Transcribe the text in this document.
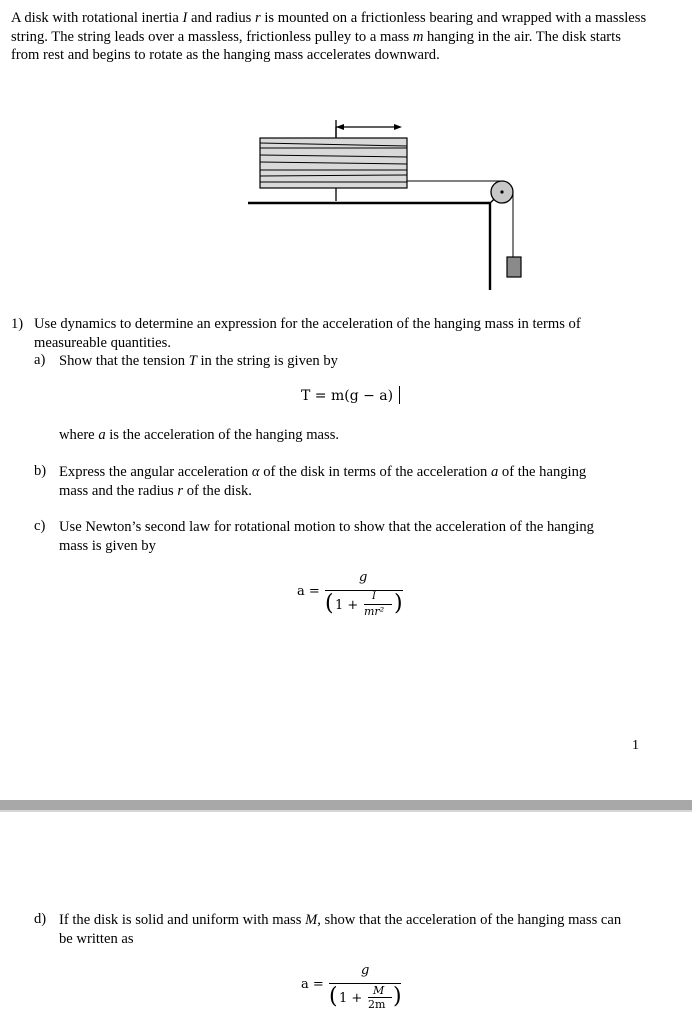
A disk with rotational inertia I and radius r is mounted on a frictionless bearing and wrapped with a massless string. The string leads over a massless, frictionless pulley to a mass m hanging in the air. The disk starts from rest and begins to rotate as the hanging mass accelerates downward.
1) Use dynamics to determine an expression for the acceleration of the hanging mass in terms of measureable quantities.
a) Show that the tension T in the string is given by
T = m(g − a)
where a is the acceleration of the hanging mass.
b) Express the angular acceleration α of the disk in terms of the acceleration a of the hanging mass and the radius r of the disk.
c) Use Newton’s second law for rotational motion to show that the acceleration of the hanging mass is given by
a =
g
( 1 +
I
mr² )
1
d) If the disk is solid and uniform with mass M, show that the acceleration of the hanging mass can be written as
a =
g
( 1 +
M
2m )
